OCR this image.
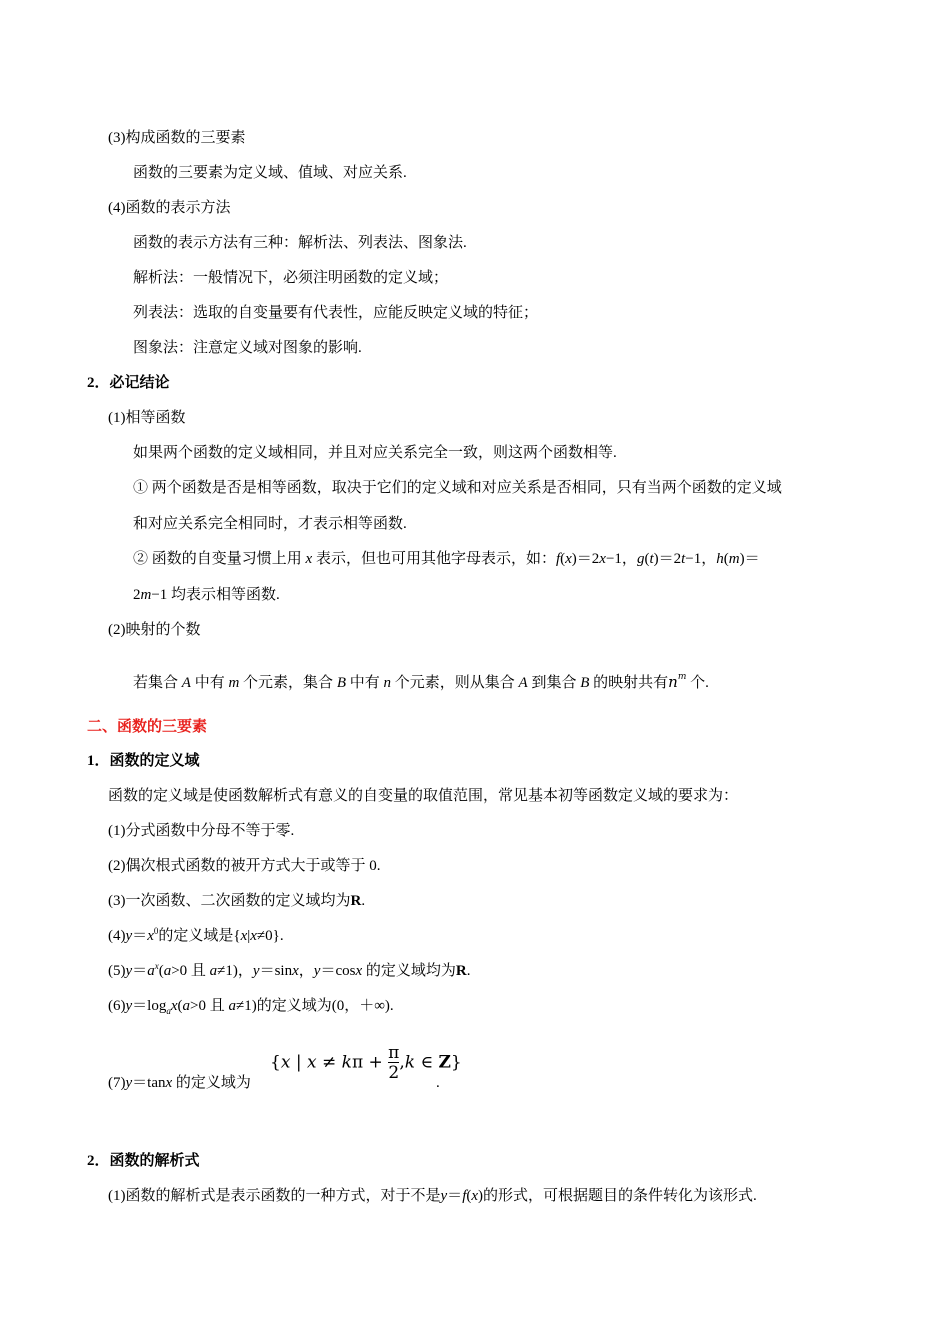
(3)构成函数的三要素
函数的三要素为定义域、值域、对应关系.
(4)函数的表示方法
函数的表示方法有三种：解析法、列表法、图象法.
解析法：一般情况下，必须注明函数的定义域；
列表法：选取的自变量要有代表性，应能反映定义域的特征；
图象法：注意定义域对图象的影响.
2．必记结论
(1)相等函数
如果两个函数的定义域相同，并且对应关系完全一致，则这两个函数相等.
① 两个函数是否是相等函数，取决于它们的定义域和对应关系是否相同，只有当两个函数的定义域
和对应关系完全相同时，才表示相等函数.
② 函数的自变量习惯上用 x 表示，但也可用其他字母表示，如：f(x)＝2x−1，g(t)＝2t−1，h(m)＝
2m−1 均表示相等函数.
(2)映射的个数
若集合 A 中有 m 个元素，集合 B 中有 n 个元素，则从集合 A 到集合 B 的映射共有$n^m$ 个.
二、函数的三要素
1．函数的定义域
函数的定义域是使函数解析式有意义的自变量的取值范围，常见基本初等函数定义域的要求为：
(1)分式函数中分母不等于零.
(2)偶次根式函数的被开方式大于或等于 0.
(3)一次函数、二次函数的定义域均为R.
$(4)y=x^0$的定义域是{x|x≠0}.
$(5)y=a^x(a>0$ 且 a≠1)，y＝sinx，y＝cosx 的定义域均为R.
$(6)y=\log_ax(a>0$ 且 a≠1)的定义域为(0，＋∞).
(7)y＝tanx 的定义域为
{x | $x \ne k\pi + \frac{\pi}{2} ,k$ ∈ Z}
.
2．函数的解析式
(1)函数的解析式是表示函数的一种方式，对于不是y＝f(x)的形式，可根据题目的条件转化为该形式.
